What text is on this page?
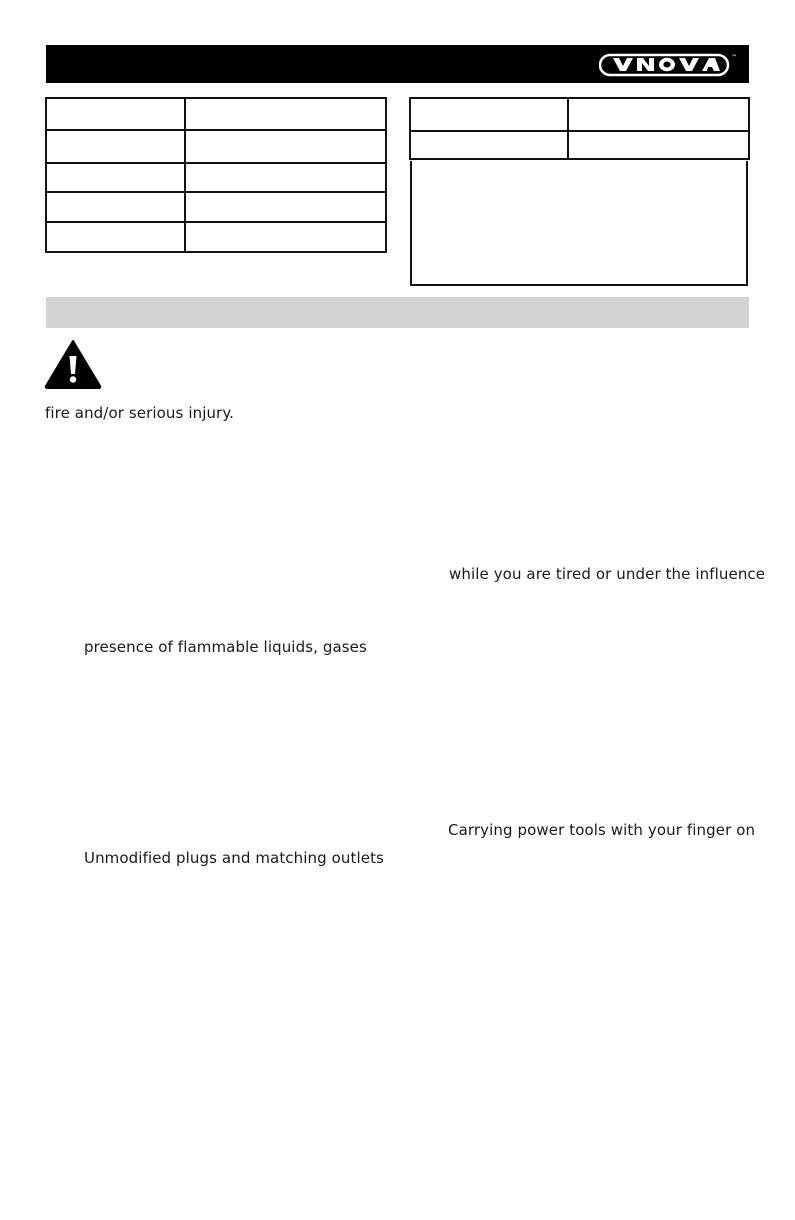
™

fire and/or serious injury.
while you are tired or under the influence
presence of flammable liquids, gases
Carrying power tools with your finger on
Unmodified plugs and matching outlets
